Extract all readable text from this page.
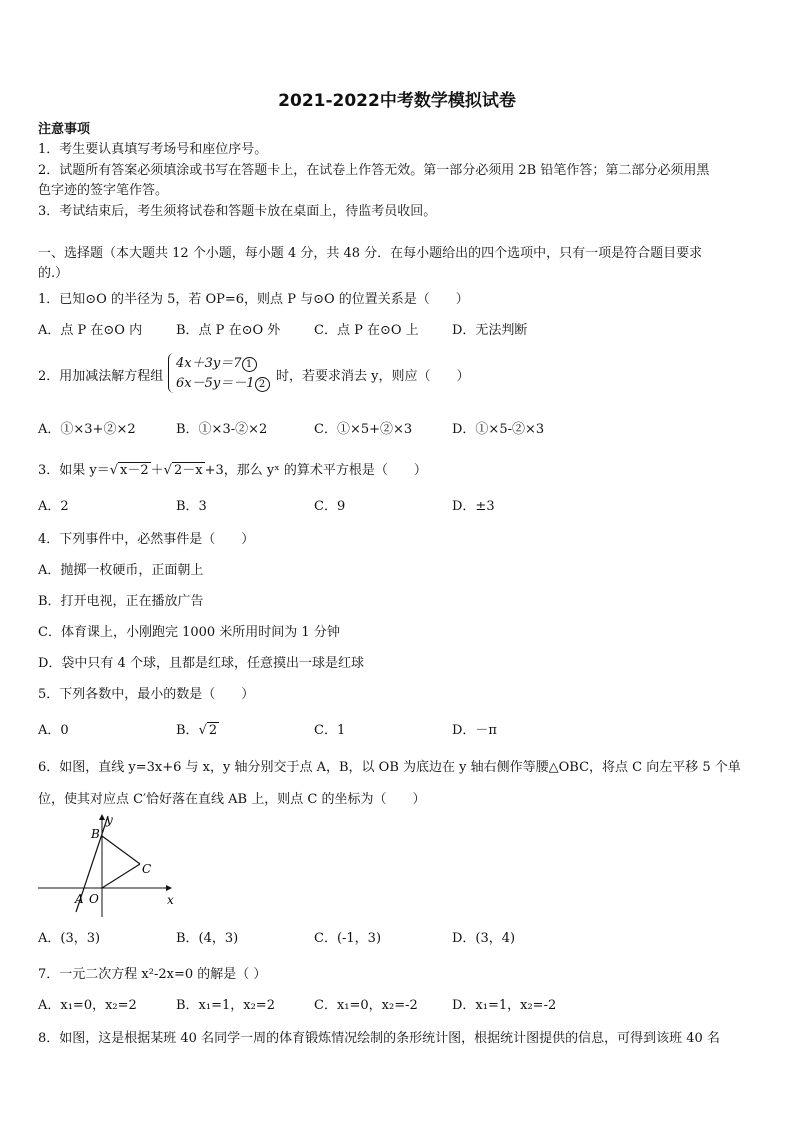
2021-2022中考数学模拟试卷
注意事项
1．考生要认真填写考场号和座位序号。
2．试题所有答案必须填涂或书写在答题卡上，在试卷上作答无效。第一部分必须用 2B 铅笔作答；第二部分必须用黑
色字迹的签字笔作答。
3．考试结束后，考生须将试卷和答题卡放在桌面上，待监考员收回。
一、选择题（本大题共 12 个小题，每小题 4 分，共 48 分．在每小题给出的四个选项中，只有一项是符合题目要求
的.）
1．已知⊙O 的半径为 5，若 OP=6，则点 P 与⊙O 的位置关系是（　　）
A．点 P 在⊙O 内	B．点 P 在⊙O 外	C．点 P 在⊙O 上	D．无法判断
2．用加减法解方程组
4x＋3y＝7 1
6x－5y＝－1 2
时，若要求消去 y，则应（　　）
A．①×3+②×2	B．①×3-②×2	C．①×5+②×3	D．①×5-②×3
3．如果 y＝√ x－2 ＋√ 2－x +3，那么 yˣ 的算术平方根是（　　）
A．2	B．3	C．9	D．±3
4．下列事件中，必然事件是（　　）
A．抛掷一枚硬币，正面朝上
B．打开电视，正在播放广告
C．体育课上，小刚跑完 1000 米所用时间为 1 分钟
D．袋中只有 4 个球，且都是红球，任意摸出一球是红球
5．下列各数中，最小的数是（　　）
A．0	B．√ 2	C．1	D．－π
6．如图，直线 y=3x+6 与 x，y 轴分别交于点 A，B，以 OB 为底边在 y 轴右侧作等腰△OBC，将点 C 向左平移 5 个单
位，使其对应点 C′恰好落在直线 AB 上，则点 C 的坐标为（　　）
y
x
B
C
A O
A．(3，3)	B．(4，3)	C．(-1，3)	D．(3，4)
7．一元二次方程 x²-2x=0 的解是（ ）
A．x₁=0，x₂=2	B．x₁=1，x₂=2	C．x₁=0，x₂=-2	D．x₁=1，x₂=-2
8．如图，这是根据某班 40 名同学一周的体育锻炼情况绘制的条形统计图，根据统计图提供的信息，可得到该班 40 名
